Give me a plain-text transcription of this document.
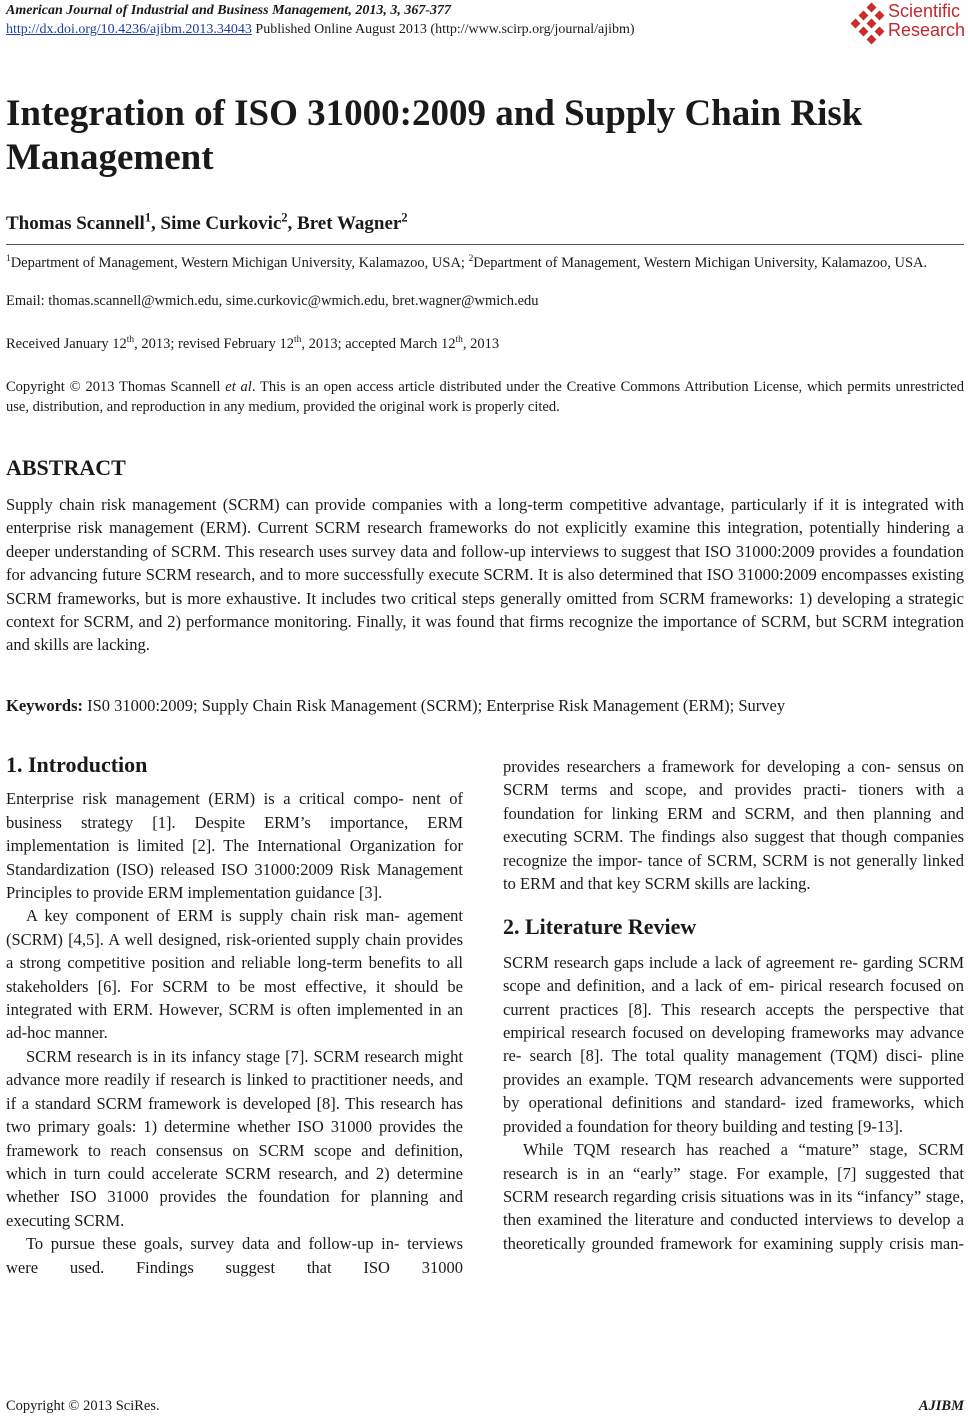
American Journal of Industrial and Business Management, 2013, 3, 367-377
http://dx.doi.org/10.4236/ajibm.2013.34043 Published Online August 2013 (http://www.scirp.org/journal/ajibm)
Scientific
Research
Integration of ISO 31000:2009 and Supply Chain Risk Management
Thomas Scannell$^1$, Sime Curkovic$^2$, Bret Wagner$^2$
$^1$Department of Management, Western Michigan University, Kalamazoo, USA; $^2$Department of Management, Western Michigan University, Kalamazoo, USA.
Email: thomas.scannell@wmich.edu, sime.curkovic@wmich.edu, bret.wagner@wmich.edu
Received January 12th, 2013; revised February 12th, 2013; accepted March 12th, 2013
Copyright © 2013 Thomas Scannell et al. This is an open access article distributed under the Creative Commons Attribution License, which permits unrestricted use, distribution, and reproduction in any medium, provided the original work is properly cited.
ABSTRACT
Supply chain risk management (SCRM) can provide companies with a long-term competitive advantage, particularly if it is integrated with enterprise risk management (ERM). Current SCRM research frameworks do not explicitly examine this integration, potentially hindering a deeper understanding of SCRM. This research uses survey data and follow-up interviews to suggest that ISO 31000:2009 provides a foundation for advancing future SCRM research, and to more successfully execute SCRM. It is also determined that ISO 31000:2009 encompasses existing SCRM frameworks, but is more exhaustive. It includes two critical steps generally omitted from SCRM frameworks: 1) developing a strategic context for SCRM, and 2) performance monitoring. Finally, it was found that firms recognize the importance of SCRM, but SCRM integration and skills are lacking.
Keywords: IS0 31000:2009; Supply Chain Risk Management (SCRM); Enterprise Risk Management (ERM); Survey
1. Introduction

Enterprise risk management (ERM) is a critical compo- nent of business strategy [1]. Despite ERM’s importance, ERM implementation is limited [2]. The International Organization for Standardization (ISO) released ISO 31000:2009 Risk Management Principles to provide ERM implementation guidance [3].

A key component of ERM is supply chain risk man- agement (SCRM) [4,5]. A well designed, risk-oriented supply chain provides a strong competitive position and reliable long-term benefits to all stakeholders [6]. For SCRM to be most effective, it should be integrated with ERM. However, SCRM is often implemented in an ad-hoc manner.

SCRM research is in its infancy stage [7]. SCRM research might advance more readily if research is linked to practitioner needs, and if a standard SCRM framework is developed [8]. This research has two primary goals: 1) determine whether ISO 31000 provides the framework to reach consensus on SCRM scope and definition, which in turn could accelerate SCRM research, and 2) determine whether ISO 31000 provides the foundation for planning and executing SCRM.

To pursue these goals, survey data and follow-up in- terviews were used. Findings suggest that ISO 31000

provides researchers a framework for developing a con- sensus on SCRM terms and scope, and provides practi- tioners with a foundation for linking ERM and SCRM, and then planning and executing SCRM. The findings also suggest that though companies recognize the impor- tance of SCRM, SCRM is not generally linked to ERM and that key SCRM skills are lacking.

2. Literature Review

SCRM research gaps include a lack of agreement re- garding SCRM scope and definition, and a lack of em- pirical research focused on current practices [8]. This research accepts the perspective that empirical research focused on developing frameworks may advance re- search [8]. The total quality management (TQM) disci- pline provides an example. TQM research advancements were supported by operational definitions and standard- ized frameworks, which provided a foundation for theory building and testing [9-13].

While TQM research has reached a “mature” stage, SCRM research is in an “early” stage. For example, [7] suggested that SCRM research regarding crisis situations was in its “infancy” stage, then examined the literature and conducted interviews to develop a theoretically grounded framework for examining supply crisis man-

Copyright © 2013 SciRes.	AJIBM
